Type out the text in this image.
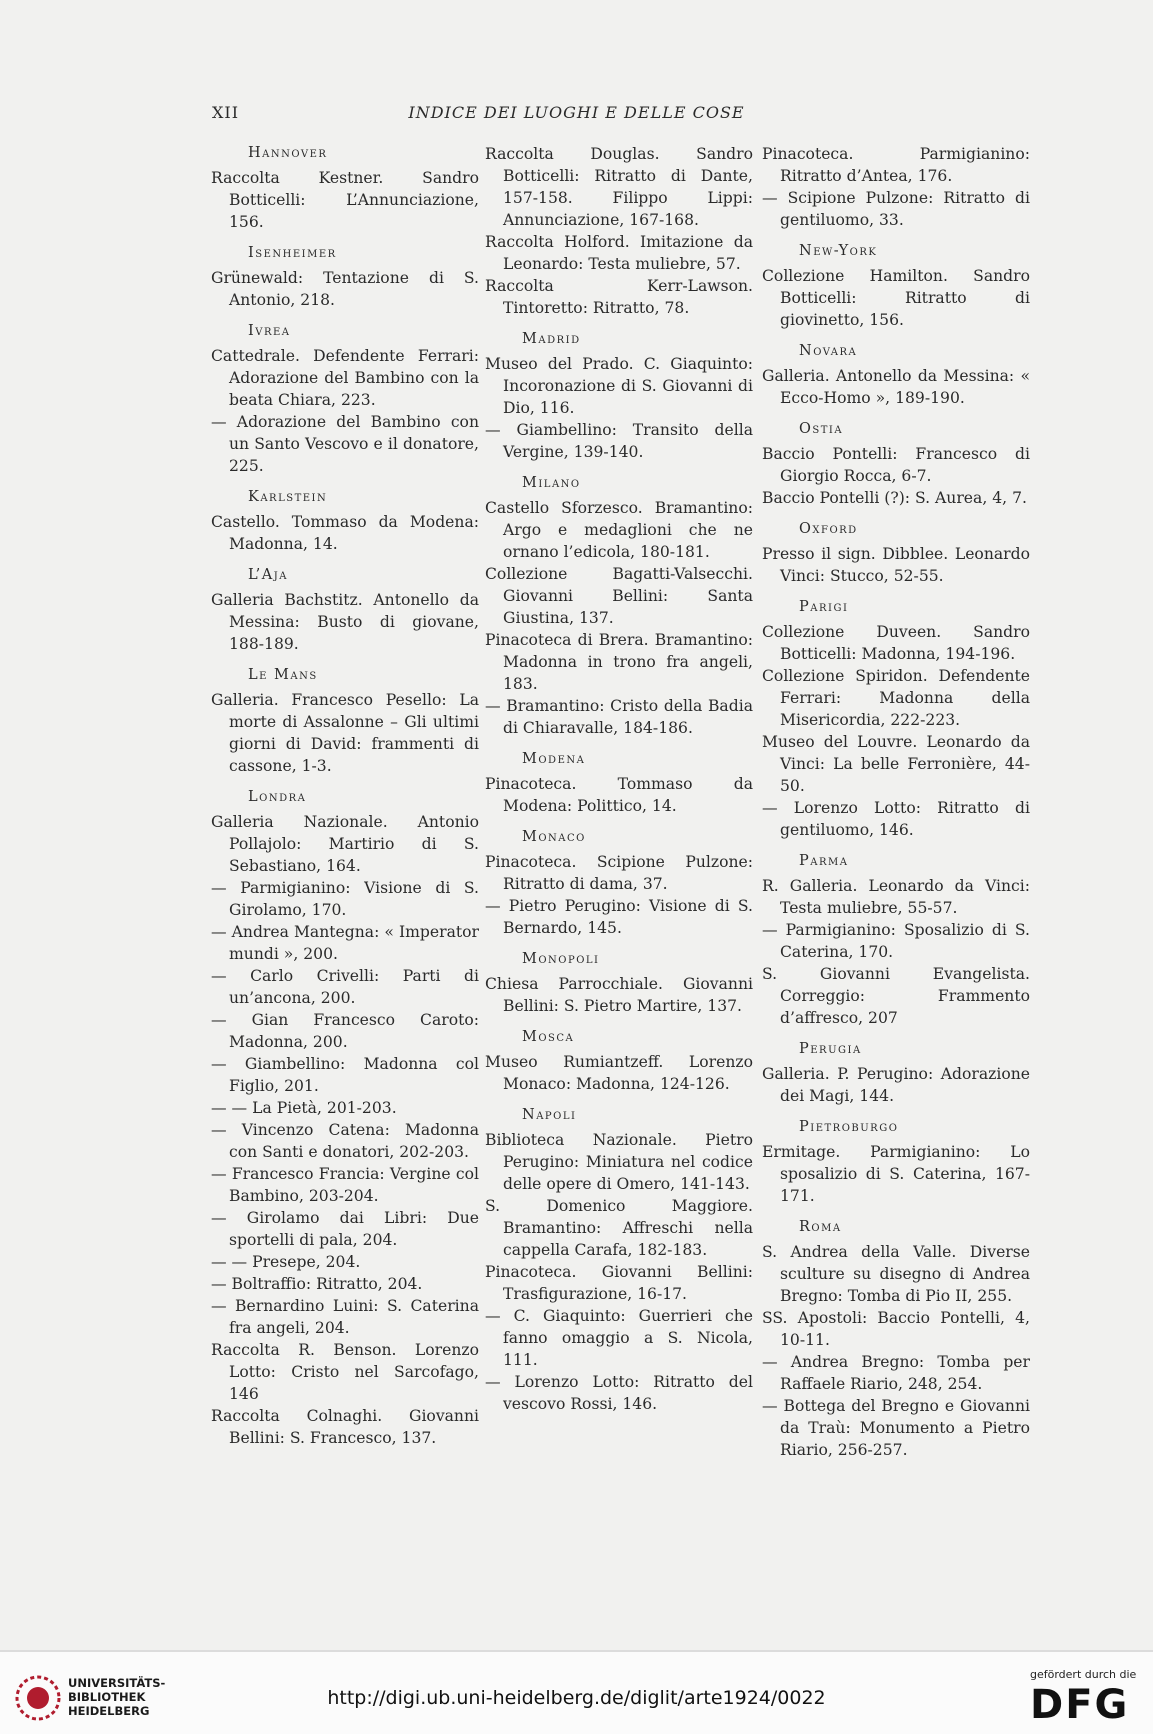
XII	INDICE DEI LUOGHI E DELLE COSE
Hannover
Raccolta Kestner. Sandro Botticelli: L’Annunciazione, 156.
Isenheimer
Grünewald: Tentazione di S. Antonio, 218.
Ivrea
Cattedrale. Defendente Ferrari: Adorazione del Bambino con la beata Chiara, 223.
— Adorazione del Bambino con un Santo Vescovo e il donatore, 225.
Karlstein
Castello. Tommaso da Modena: Madonna, 14.
L’Aja
Galleria Bachstitz. Antonello da Messina: Busto di giovane, 188-189.
Le Mans
Galleria. Francesco Pesello: La morte di Assalonne – Gli ultimi giorni di David: frammenti di cassone, 1-3.
Londra
Galleria Nazionale. Antonio Pollajolo: Martirio di S. Sebastiano, 164.
— Parmigianino: Visione di S. Girolamo, 170.
— Andrea Mantegna: « Imperator mundi », 200.
— Carlo Crivelli: Parti di un’ancona, 200.
— Gian Francesco Caroto: Madonna, 200.
— Giambellino: Madonna col Figlio, 201.
— — La Pietà, 201-203.
— Vincenzo Catena: Madonna con Santi e donatori, 202-203.
— Francesco Francia: Vergine col Bambino, 203-204.
— Girolamo dai Libri: Due sportelli di pala, 204.
— — Presepe, 204.
— Boltraffio: Ritratto, 204.
— Bernardino Luini: S. Caterina fra angeli, 204.
Raccolta R. Benson. Lorenzo Lotto: Cristo nel Sarcofago, 146
Raccolta Colnaghi. Giovanni Bellini: S. Francesco, 137.
Raccolta Douglas. Sandro Botticelli: Ritratto di Dante, 157-158. Filippo Lippi: Annunciazione, 167-168.
Raccolta Holford. Imitazione da Leonardo: Testa muliebre, 57.
Raccolta Kerr-Lawson. Tintoretto: Ritratto, 78.
Madrid
Museo del Prado. C. Giaquinto: Incoronazione di S. Giovanni di Dio, 116.
— Giambellino: Transito della Vergine, 139-140.
Milano
Castello Sforzesco. Bramantino: Argo e medaglioni che ne ornano l’edicola, 180-181.
Collezione Bagatti-Valsecchi. Giovanni Bellini: Santa Giustina, 137.
Pinacoteca di Brera. Bramantino: Madonna in trono fra angeli, 183.
— Bramantino: Cristo della Badia di Chiaravalle, 184-186.
Modena
Pinacoteca. Tommaso da Modena: Polittico, 14.
Monaco
Pinacoteca. Scipione Pulzone: Ritratto di dama, 37.
— Pietro Perugino: Visione di S. Bernardo, 145.
Monopoli
Chiesa Parrocchiale. Giovanni Bellini: S. Pietro Martire, 137.
Mosca
Museo Rumiantzeff. Lorenzo Monaco: Madonna, 124-126.
Napoli
Biblioteca Nazionale. Pietro Perugino: Miniatura nel codice delle opere di Omero, 141-143.
S. Domenico Maggiore. Bramantino: Affreschi nella cappella Carafa, 182-183.
Pinacoteca. Giovanni Bellini: Trasfigurazione, 16-17.
— C. Giaquinto: Guerrieri che fanno omaggio a S. Nicola, 111.
— Lorenzo Lotto: Ritratto del vescovo Rossi, 146.
Pinacoteca. Parmigianino: Ritratto d’Antea, 176.
— Scipione Pulzone: Ritratto di gentiluomo, 33.
New-York
Collezione Hamilton. Sandro Botticelli: Ritratto di giovinetto, 156.
Novara
Galleria. Antonello da Messina: « Ecco-Homo », 189-190.
Ostia
Baccio Pontelli: Francesco di Giorgio Rocca, 6-7.
Baccio Pontelli (?): S. Aurea, 4, 7.
Oxford
Presso il sign. Dibblee. Leonardo Vinci: Stucco, 52-55.
Parigi
Collezione Duveen. Sandro Botticelli: Madonna, 194-196.
Collezione Spiridon. Defendente Ferrari: Madonna della Misericordia, 222-223.
Museo del Louvre. Leonardo da Vinci: La belle Ferronière, 44-50.
— Lorenzo Lotto: Ritratto di gentiluomo, 146.
Parma
R. Galleria. Leonardo da Vinci: Testa muliebre, 55-57.
— Parmigianino: Sposalizio di S. Caterina, 170.
S. Giovanni Evangelista. Correggio: Frammento d’affresco, 207
Perugia
Galleria. P. Perugino: Adorazione dei Magi, 144.
Pietroburgo
Ermitage. Parmigianino: Lo sposalizio di S. Caterina, 167-171.
Roma
S. Andrea della Valle. Diverse sculture su disegno di Andrea Bregno: Tomba di Pio II, 255.
SS. Apostoli: Baccio Pontelli, 4, 10-11.
— Andrea Bregno: Tomba per Raffaele Riario, 248, 254.
— Bottega del Bregno e Giovanni da Traù: Monumento a Pietro Riario, 256-257.
UNIVERSITÄTS-
BIBLIOTHEK
HEIDELBERG
http://digi.ub.uni-heidelberg.de/diglit/arte1924/0022
gefördert durch die
DFG
